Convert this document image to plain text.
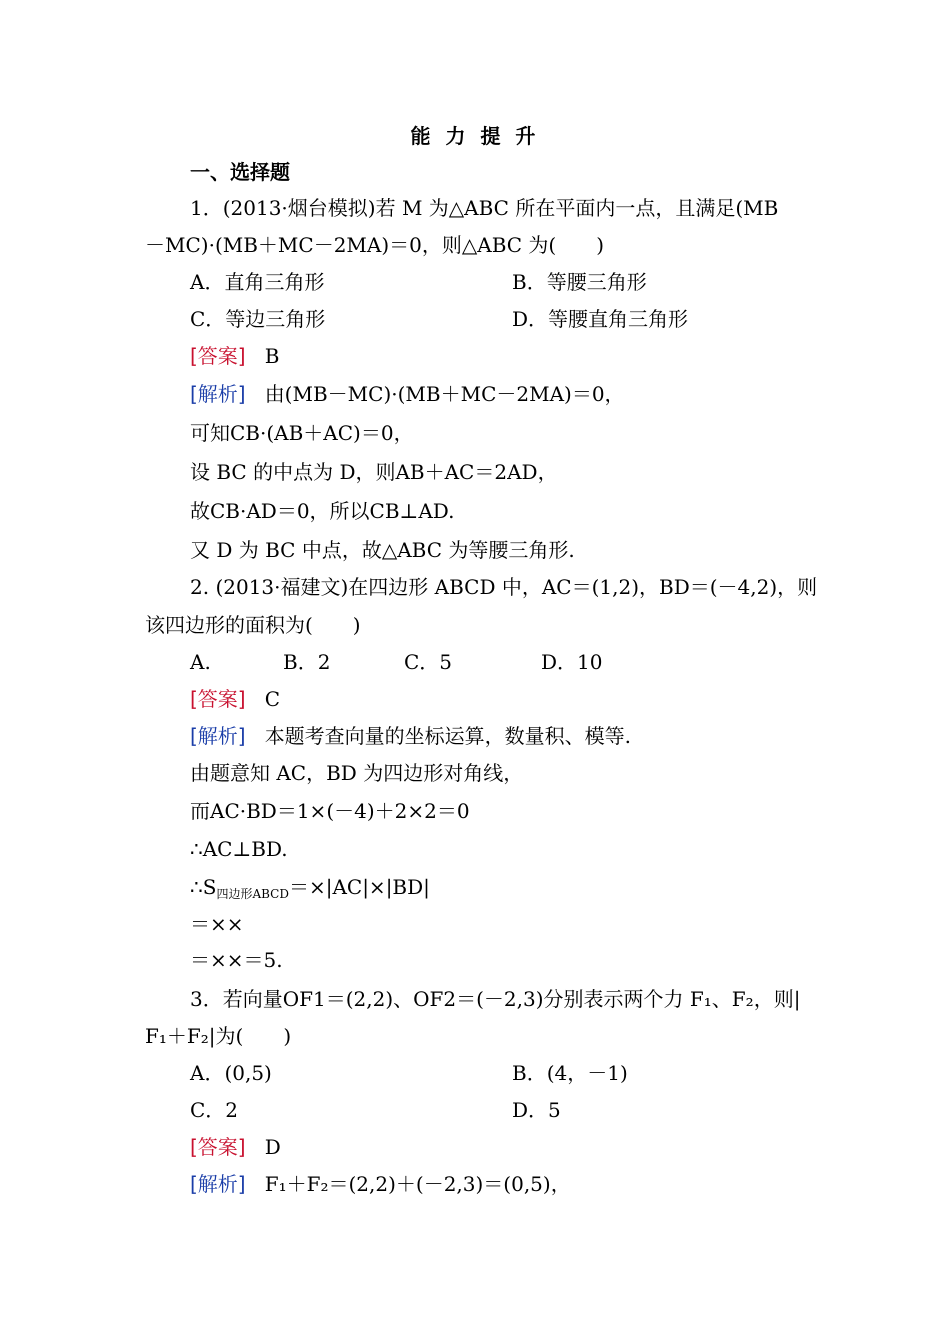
能 力 提 升
一、选择题
1．(2013·烟台模拟)若 M 为△ABC 所在平面内一点，且满足(MB
－MC)·(MB＋MC－2MA)＝0，则△ABC 为(　　)
A．直角三角形	B．等腰三角形
C．等边三角形	D．等腰直角三角形
[答案] B
[解析] 由(MB－MC)·(MB＋MC－2MA)＝0，
可知CB·(AB＋AC)＝0，
设 BC 的中点为 D，则AB＋AC＝2AD，
故CB·AD＝0，所以CB⊥AD.
又 D 为 BC 中点，故△ABC 为等腰三角形.
2. (2013·福建文)在四边形 ABCD 中，AC＝(1,2)，BD＝(－4,2)，则
该四边形的面积为(　　)
A.	B．2	C．5	D．10
[答案] C
[解析] 本题考查向量的坐标运算，数量积、模等.
由题意知 AC，BD 为四边形对角线，
而AC·BD＝1×(－4)＋2×2＝0
∴AC⊥BD.
$\therefore S_{四边形ABCD}=\times|AC|\times|BD|$
＝××
＝××＝5.
3．若向量OF1＝(2,2)、OF2＝(－2,3)分别表示两个力 F₁、F₂，则|
F₁＋F₂|为(　　)
A．(0,5)	B．(4，－1)
C．2	D．5
[答案] D
[解析] F₁＋F₂＝(2,2)＋(－2,3)＝(0,5)，
